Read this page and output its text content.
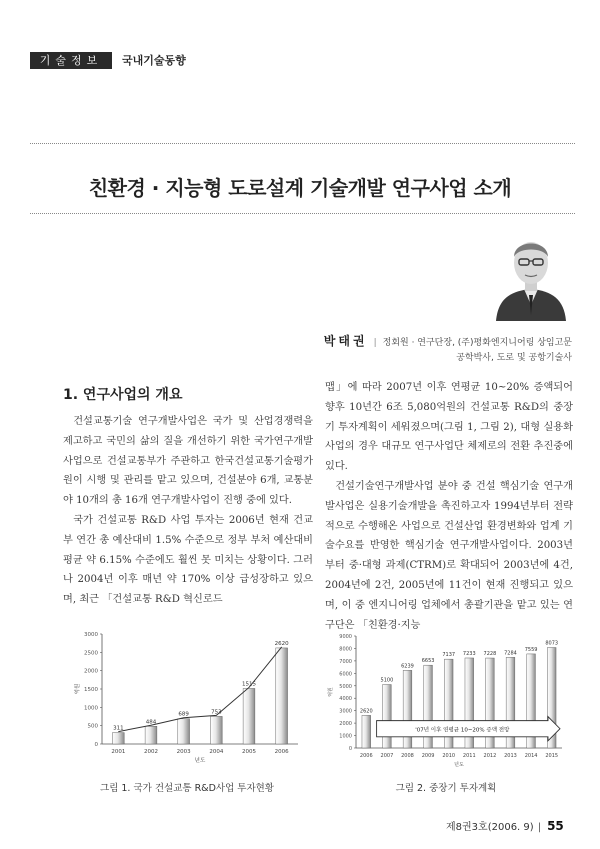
기술정보	국내기술동향
친환경 · 지능형 도로설계 기술개발 연구사업 소개
박태권 | 정회원 · 연구단장, (주)평화엔지니어링 상임고문
공학박사, 도로 및 공항기술사
1. 연구사업의 개요

건설교통기술 연구개발사업은 국가 및 산업경쟁력을 제고하고 국민의 삶의 질을 개선하기 위한 국가연구개발사업으로 건설교통부가 주관하고 한국건설교통기술평가원이 시행 및 관리를 맡고 있으며, 건설분야 6개, 교통분야 10개의 총 16개 연구개발사업이 진행 중에 있다.

국가 건설교통 R&D 사업 투자는 2006년 현재 건교부 연간 총 예산대비 1.5% 수준으로 정부 부처 예산대비 평균 약 6.15% 수준에도 훨씬 못 미치는 상황이다. 그러나 2004년 이후 매년 약 170% 이상 급성장하고 있으며, 최근 「건설교통 R&D 혁신로드

맵」에 따라 2007년 이후 연평균 10~20% 증액되어 향후 10년간 6조 5,080억원의 건설교통 R&D의 중장기 투자계획이 세워졌으며(그림 1, 그림 2), 대형 실용화 사업의 경우 대규모 연구사업단 체제로의 전환 추진중에 있다.

건설기술연구개발사업 분야 중 건설 핵심기술 연구개발사업은 실용기술개발을 촉진하고자 1994년부터 전략적으로 수행해온 사업으로 건설산업 환경변화와 업계 기술수요를 반영한 핵심기술 연구개발사업이다. 2003년부터 중·대형 과제(CTRM)로 확대되어 2003년에 4건, 2004년에 2건, 2005년에 11건이 현재 진행되고 있으며, 이 중 엔지니어링 업체에서 총괄기관을 맡고 있는 연구단은 「친환경·지능

0
500
1000
1500
2000
2500
3000
311
2001
484
2002
689
2003
753
2004
1515
2005
2620
2006
년도
억원
그림 1. 국가 건설교통 R&D사업 투자현황
0
1000
2000
3000
4000
5000
6000
7000
8000
9000
2620
2006
5100
2007
6239
2008
6653
2009
7137
2010
7233
2011
7228
2012
7284
2013
7559
2014
8073
2015
년도
억원
'07년 이후 연평균 10~20% 증액 전망
그림 2. 중장기 투자계획
제8권3호(2006. 9) | 55
